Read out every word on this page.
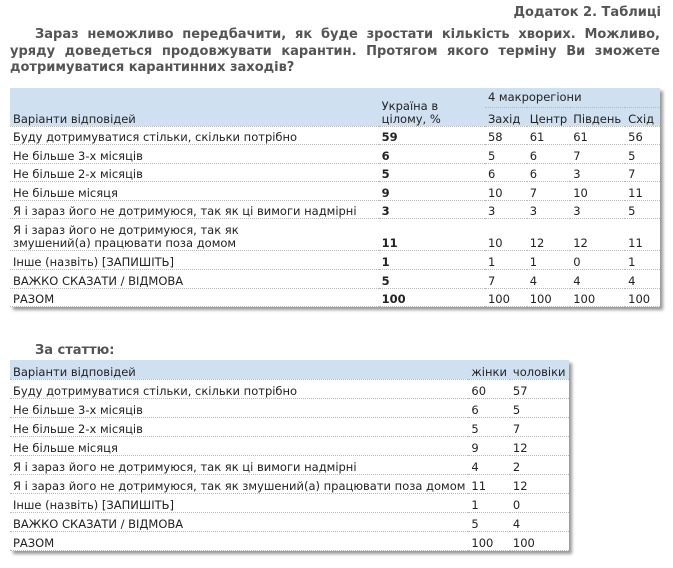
Додаток 2. Таблиці
Зараз неможливо передбачити, як буде зростати кількість хворих. Можливо, уряду доведеться продовжувати карантин. Протягом якого терміну Ви зможете дотримуватися карантинних заходів?
Варіанти відповідей	Україна в цілому, %	4 макрорегіони			
		Захід	Центр	Південь	Схід
Буду дотримуватися стільки, скільки потрібно	59	58	61	61	56
Не більше 3-х місяців	6	5	6	7	5
Не більше 2-х місяців	5	6	6	3	7
Не більше місяця	9	10	7	10	11
Я і зараз його не дотримуюся, так як ці вимоги надмірні	3	3	3	3	5
Я і зараз його не дотримуюся, так як змушений(а) працювати поза домом	11	10	12	12	11
Інше (назвіть) [ЗАПИШІТЬ]	1	1	1	0	1
ВАЖКО СКАЗАТИ / ВІДМОВА	5	7	4	4	4
РАЗОМ	100	100	100	100	100
За статтю:
Варіанти відповідей	жінки	чоловіки
Буду дотримуватися стільки, скільки потрібно	60	57
Не більше 3-х місяців	6	5
Не більше 2-х місяців	5	7
Не більше місяця	9	12
Я і зараз його не дотримуюся, так як ці вимоги надмірні	4	2
Я і зараз його не дотримуюся, так як змушений(а) працювати поза домом	11	12
Інше (назвіть) [ЗАПИШІТЬ]	1	0
ВАЖКО СКАЗАТИ / ВІДМОВА	5	4
РАЗОМ	100	100
